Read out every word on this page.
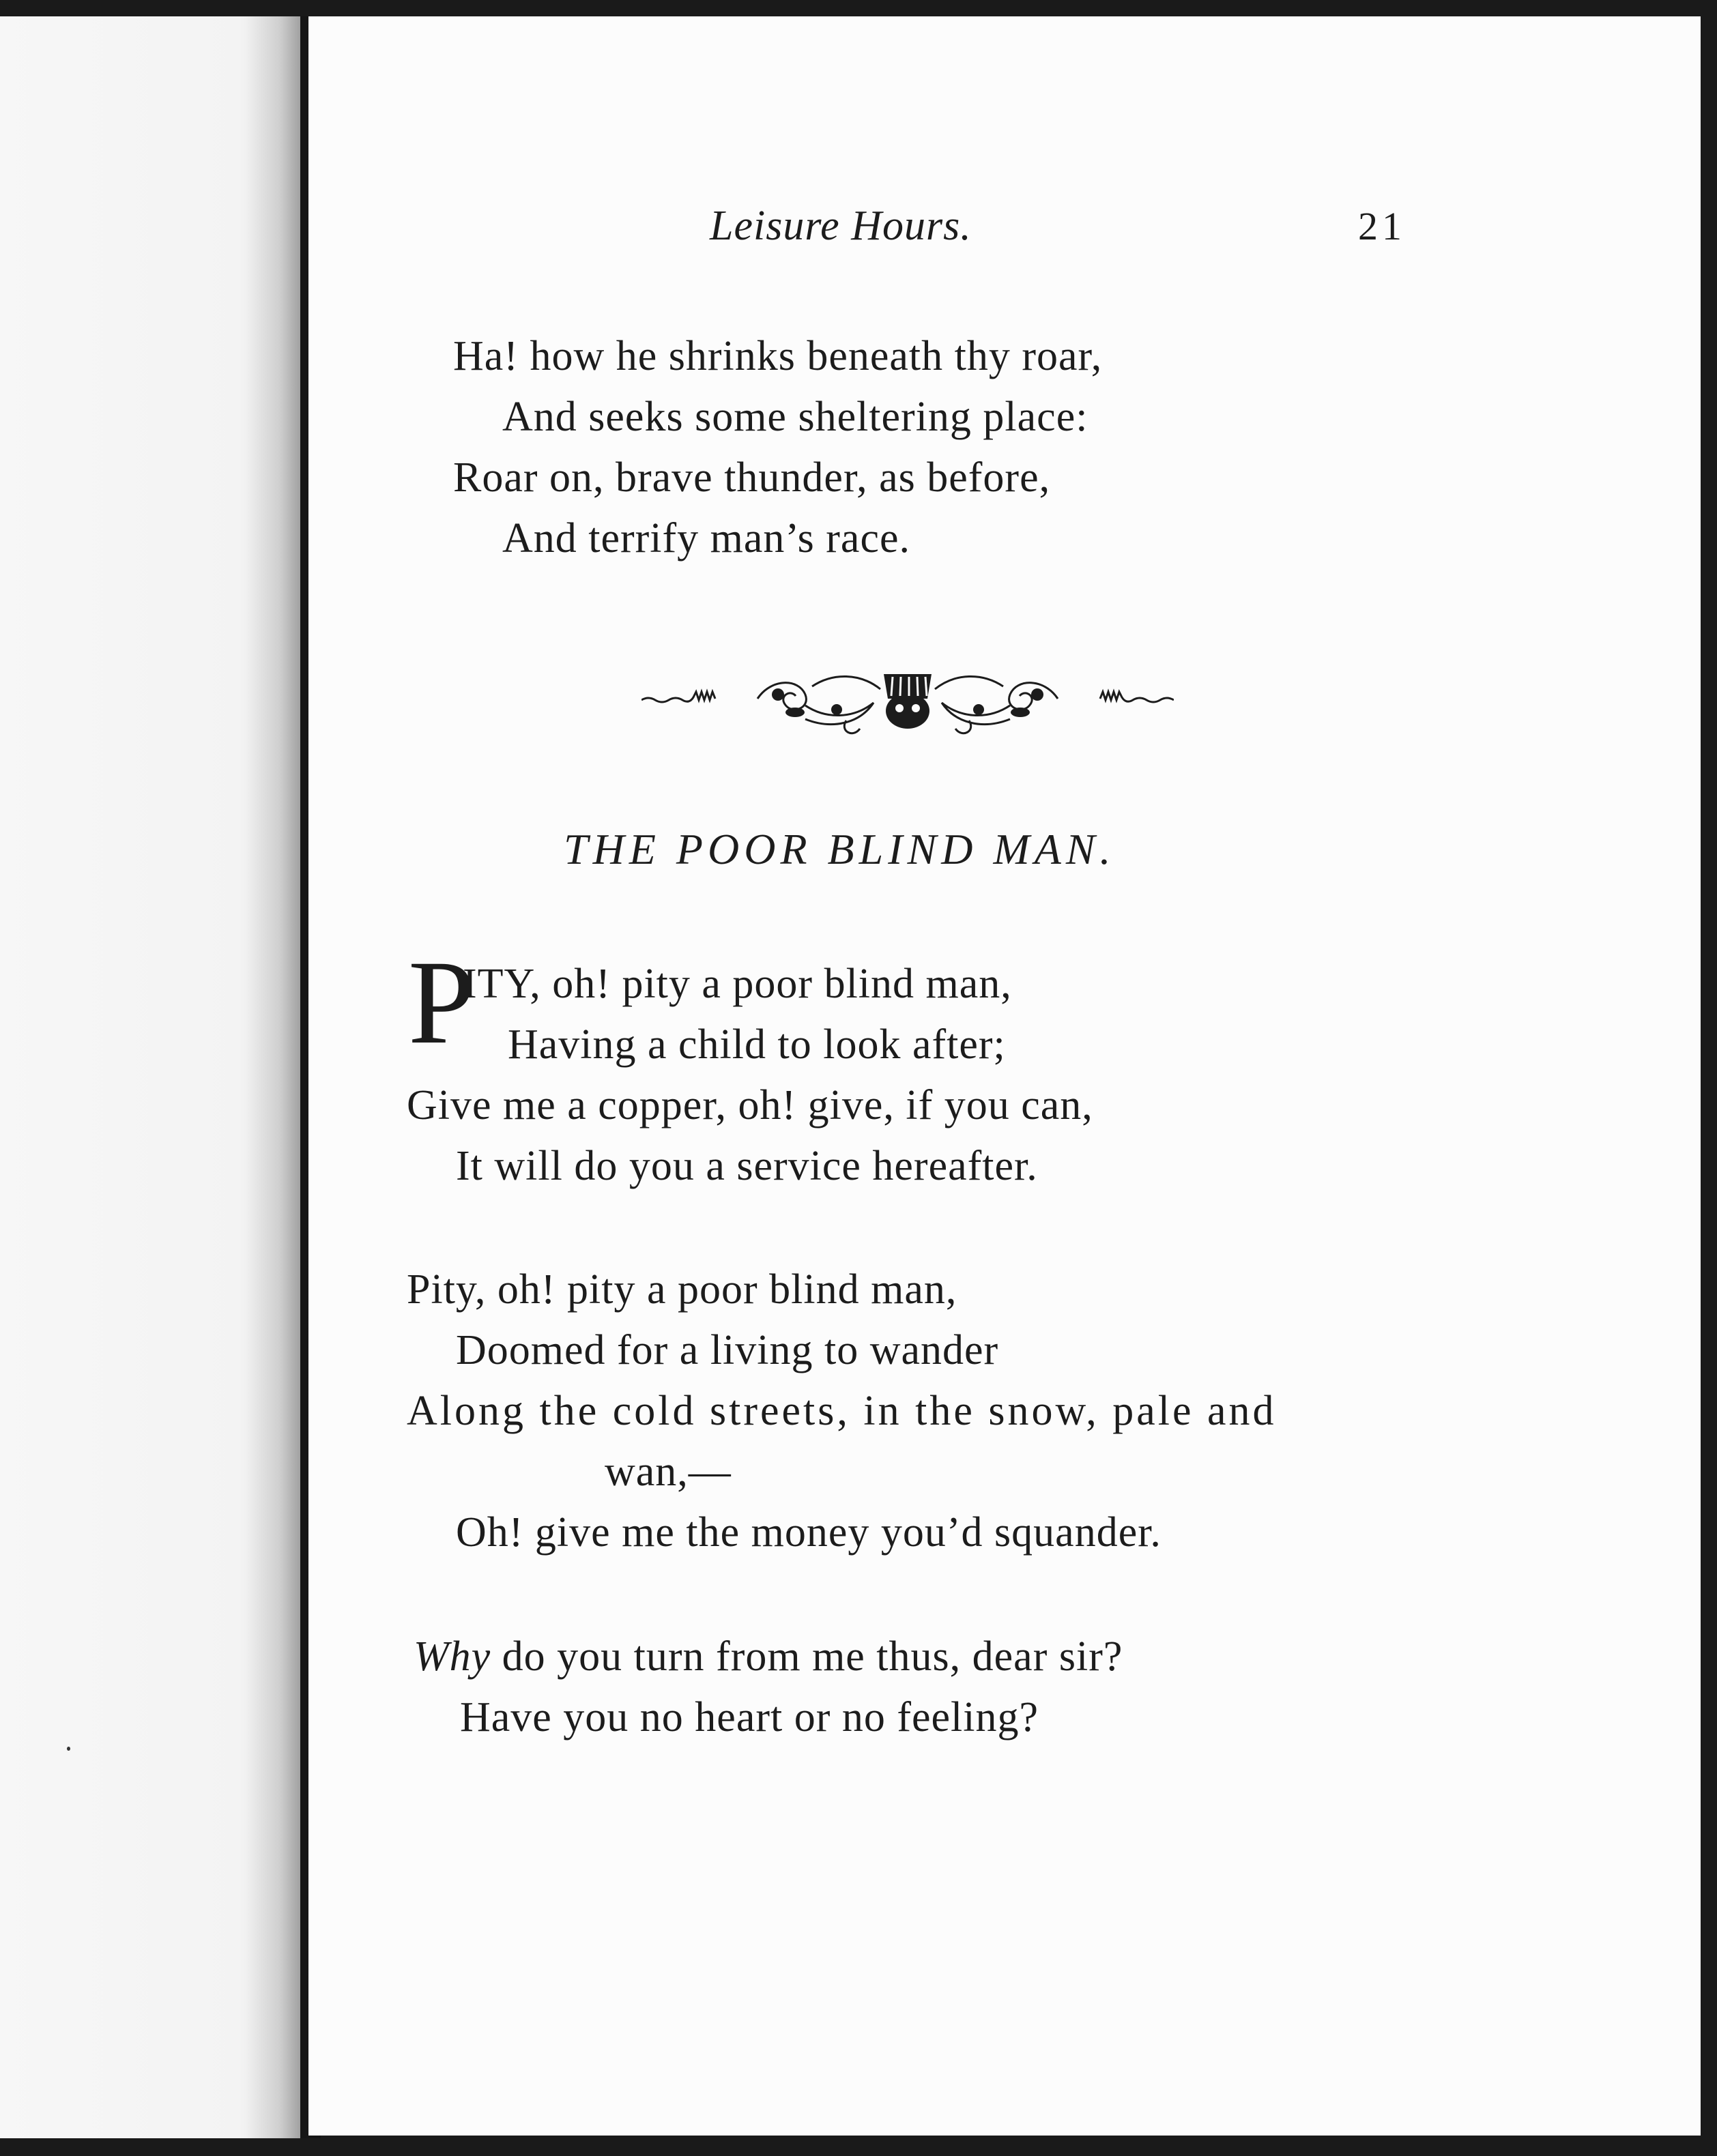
Leisure Hours.	21
Ha! how he shrinks beneath thy roar,
And seeks some sheltering place:
Roar on, brave thunder, as before,
And terrify man’s race.
THE POOR BLIND MAN.
P
ITY, oh! pity a poor blind man,
Having a child to look after;
Give me a copper, oh! give, if you can,
It will do you a service hereafter.
Pity, oh! pity a poor blind man,
Doomed for a living to wander
Along the cold streets, in the snow, pale and
wan,—
Oh! give me the money you’d squander.
Why do you turn from me thus, dear sir?
Have you no heart or no feeling?
